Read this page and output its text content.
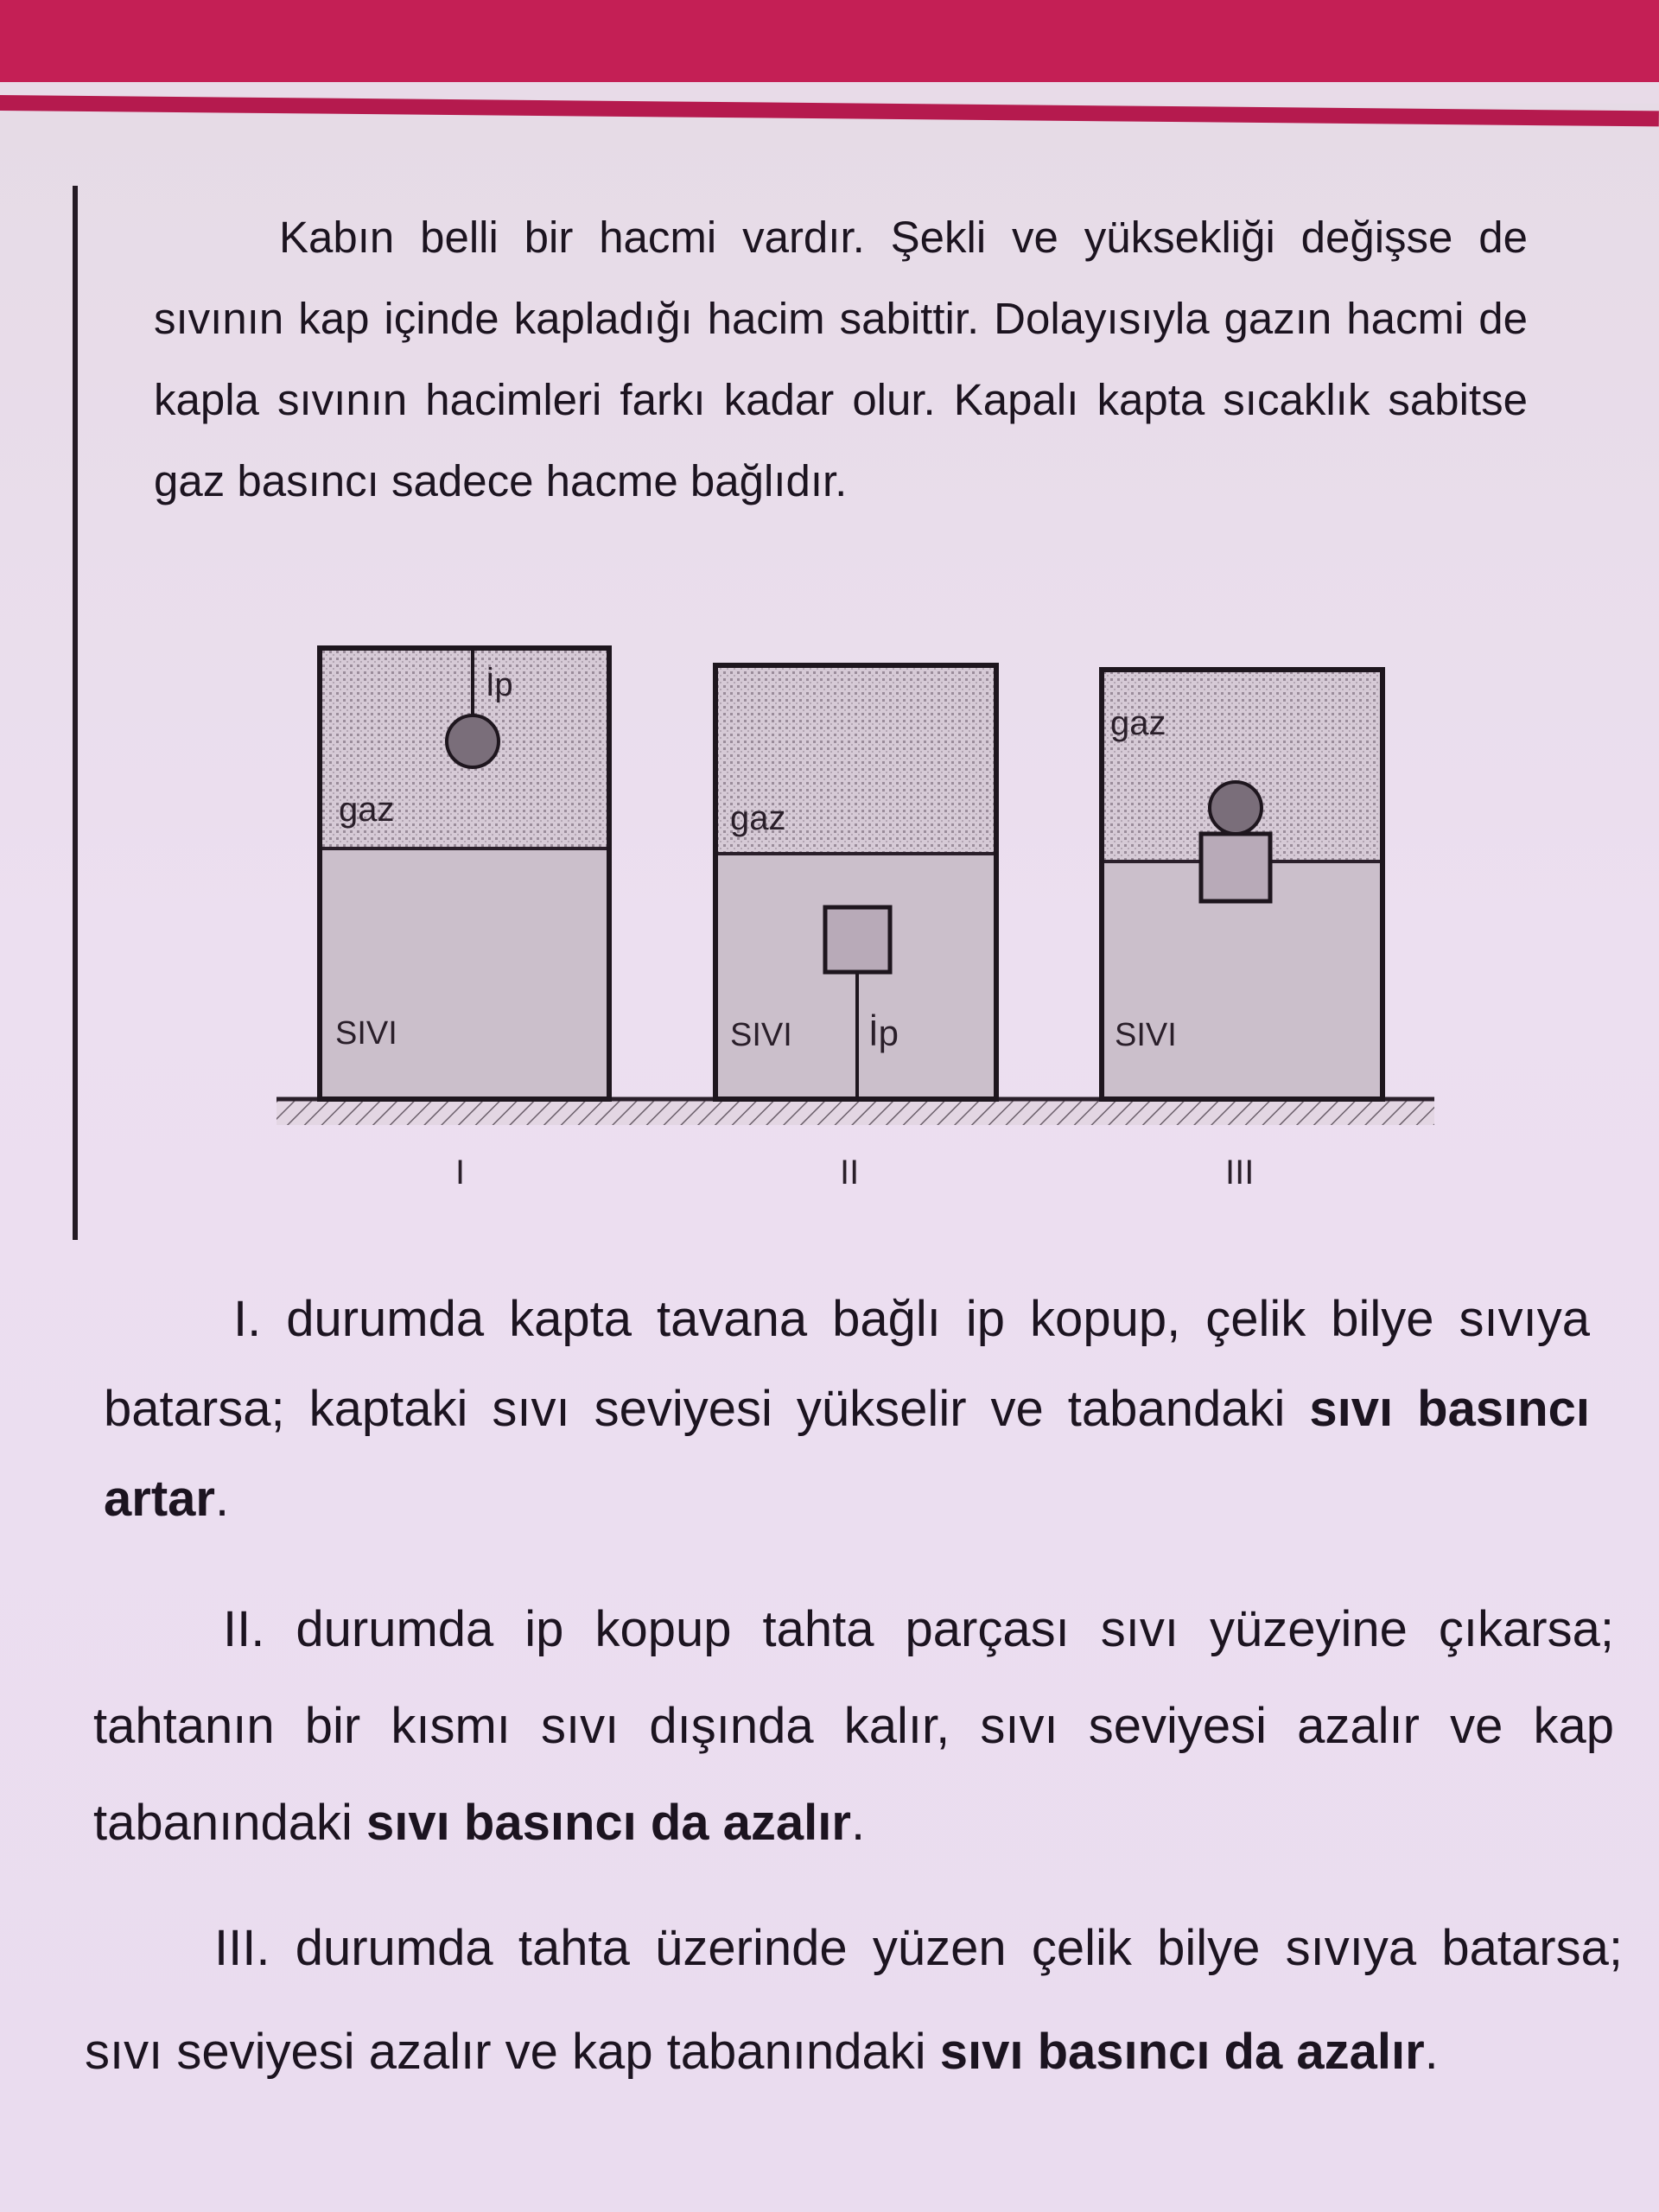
Kabın belli bir hacmi vardır. Şekli ve yüksekliği değişse de sıvının kap içinde kapladığı hacim sabittir. Dolayısıyla gazın hacmi de kapla sıvının hacimleri farkı kadar olur. Kapalı kapta sıcaklık sabitse gaz basıncı sadece hacme bağlıdır.

İp
gaz
SIVI
gaz
SIVI İp
gaz
SIVI
I	II	III

I. durumda kapta tavana bağlı ip kopup, çelik bilye sıvıya batarsa; kaptaki sıvı seviyesi yükselir ve tabandaki sıvı basıncı artar.

II. durumda ip kopup tahta parçası sıvı yüzeyine çıkarsa; tahtanın bir kısmı sıvı dışında kalır, sıvı seviyesi azalır ve kap tabanındaki sıvı basıncı da azalır.

III. durumda tahta üzerinde yüzen çelik bilye sıvıya batarsa; sıvı seviyesi azalır ve kap tabanındaki sıvı basıncı da azalır.
